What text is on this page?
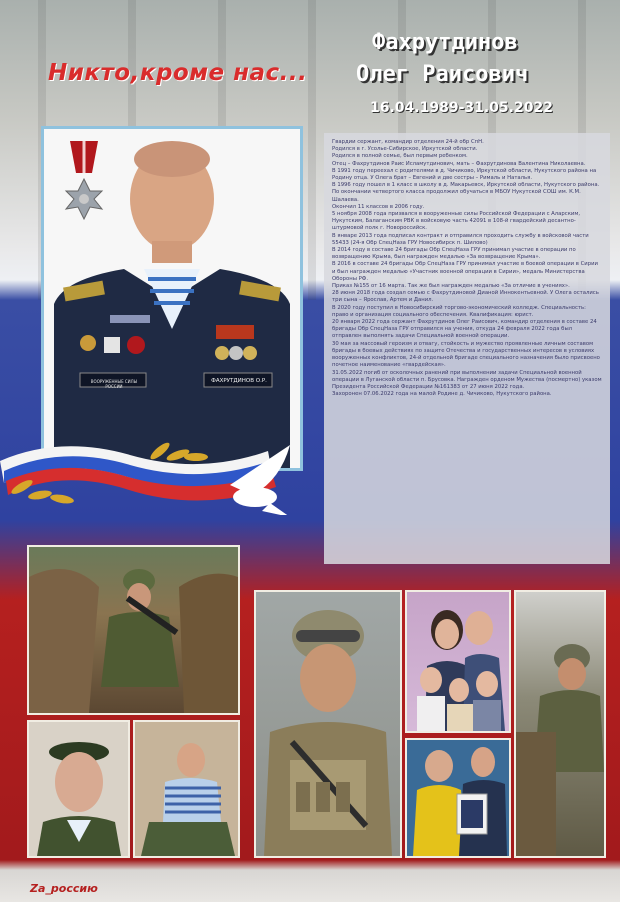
Никто,кроме нас...
Фахрутдинов
Олег Раисович
16.04.1989-31.05.2022
ВООРУЖЕННЫЕ СИЛЫ РОССИИ
ФАХРУТДИНОВ О.Р.

Гвардии сержант, командир отделения 24-й обр СпН.

Родился в г. Усолье-Сибирское, Иркутской области.

Родился в полной семье, был первым ребенком.

Отец – Фахрутдинов Раис Исламутдинович, мать – Фахрутдинова Валентина Николаевна.

В 1991 году переехал с родителями в д. Чичиково, Иркутской области, Нукутского района на Родину отца. У Олега брат – Евгений и две сестры – Рималь и Наталья.

В 1996 году пошел в 1 класс в школу в д. Макарьевск, Иркутской области, Нукутского района.

По окончании четвертого класса продолжил обучаться в МБОУ Нукутской СОШ им. К.М. Шалаева.

Окончил 11 классов в 2006 году.

5 ноября 2008 года призвался в вооруженные силы Российской Федерации с Аларским, Нукутским, Балаганским РВК в войсковую часть 42091 в 108-й гвардейский десантно-штурмовой полк г. Новороссийск.

В январе 2013 года подписал контракт и отправился проходить службу в войсковой части 55433 (24-я Обр СпецНаза ГРУ Новосибирск п. Шилово)

В 2014 году в составе 24 бригады Обр СпецНаза ГРУ принимал участие в операции по возвращению Крыма, был награжден медалью «За возвращение Крыма».

В 2016 в составе 24 бригады Обр СпецНаза ГРУ принимал участие в боевой операции в Сирии и был награжден медалью «Участник военной операции в Сирии», медаль Министерства Обороны РФ.

Приказ №155 от 16 марта. Так же был награжден медалью «За отличие в учениях».

28 июня 2018 года создал семью с Фахрутдиновой Дианой Иннокентьевной. У Олега остались три сына – Ярослав, Артем и Данил.

В 2020 году поступил в Новосибирский торгово-экономический колледж. Специальность: право и организация социального обеспечения. Квалификация: юрист.

20 января 2022 года сержант Фахрутдинов Олег Раисович, командир отделения в составе 24 бригады Обр СпецНаза ГРУ отправился на учения, откуда 24 февраля 2022 года был отправлен выполнять задачи Специальной военной операции.

30 мая за массовый героизм и отвагу, стойкость и мужество проявленные личным составом бригады в боевых действиях по защите Отечества и государственных интересов в условиях вооруженных конфликтов, 24-й отдельной бригаде специального назначения было присвоено почетное наименование «гвардейская».

31.05.2022 погиб от осколочных ранений при выполнении задачи Специальной военной операции в Луганской области п. Брусовка. Награжден орденом Мужества (посмертно) указом Президента Российской Федерации №161383 от 27 июня 2022 года.

Захоронен 07.06.2022 года на малой Родине д. Чичиково, Нукутского района.

Zа_россию
